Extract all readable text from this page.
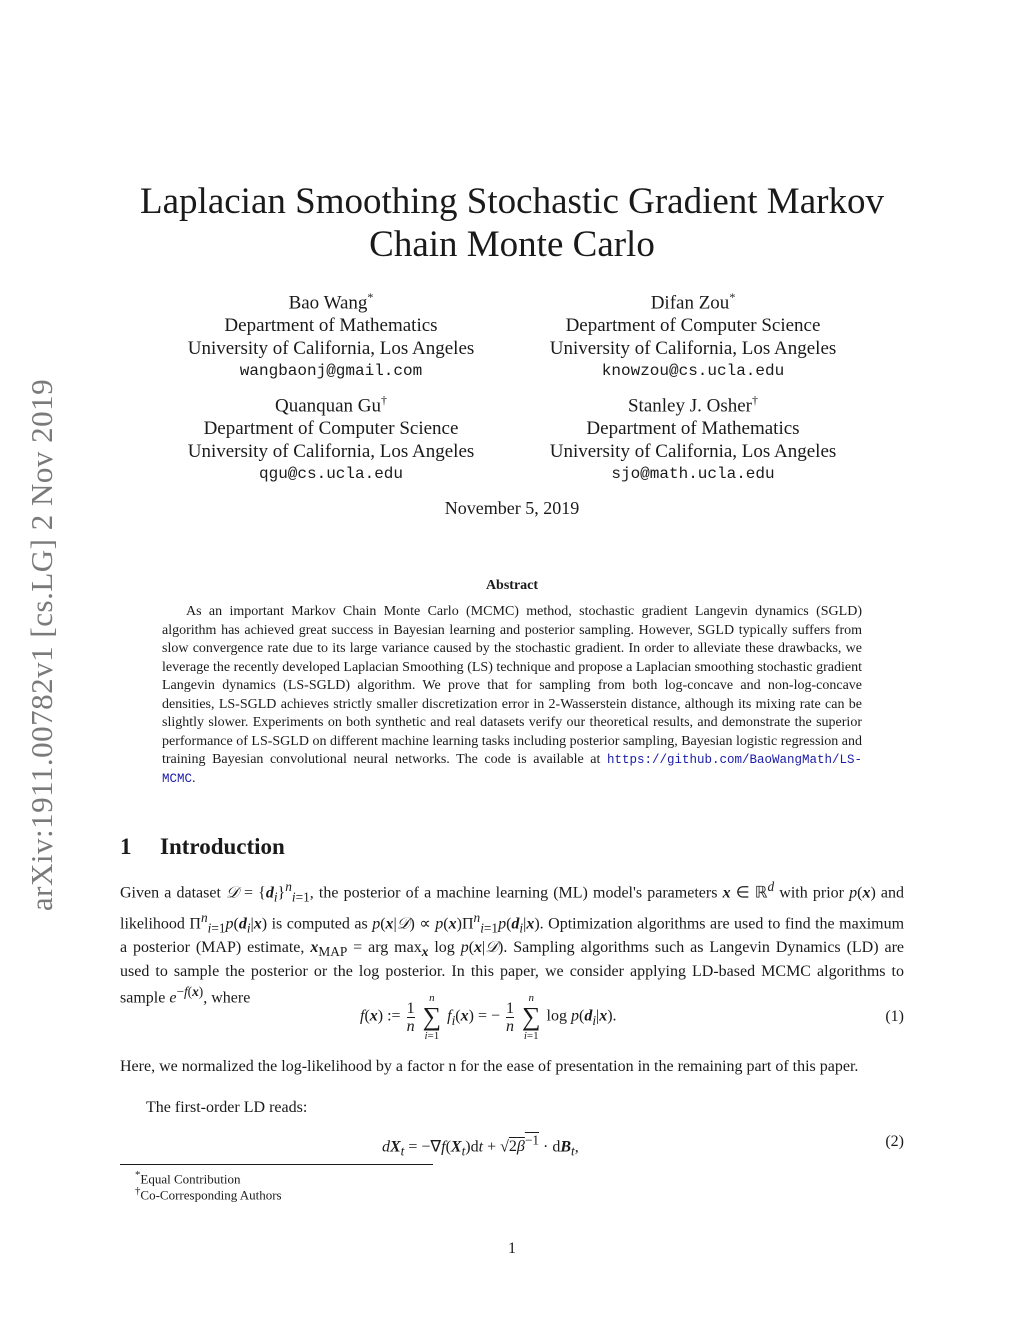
arXiv:1911.00782v1 [cs.LG] 2 Nov 2019
Laplacian Smoothing Stochastic Gradient Markov
Chain Monte Carlo
Bao Wang*
Department of Mathematics
University of California, Los Angeles
wangbaonj@gmail.com
Difan Zou*
Department of Computer Science
University of California, Los Angeles
knowzou@cs.ucla.edu
Quanquan Gu†
Department of Computer Science
University of California, Los Angeles
qgu@cs.ucla.edu
Stanley J. Osher†
Department of Mathematics
University of California, Los Angeles
sjo@math.ucla.edu
November 5, 2019
Abstract
As an important Markov Chain Monte Carlo (MCMC) method, stochastic gradient Langevin dynamics (SGLD) algorithm has achieved great success in Bayesian learning and posterior sampling. However, SGLD typically suffers from slow convergence rate due to its large variance caused by the stochastic gradient. In order to alleviate these drawbacks, we leverage the recently developed Laplacian Smoothing (LS) technique and propose a Laplacian smoothing stochastic gradient Langevin dynamics (LS-SGLD) algorithm. We prove that for sampling from both log-concave and non-log-concave densities, LS-SGLD achieves strictly smaller discretization error in 2-Wasserstein distance, although its mixing rate can be slightly slower. Experiments on both synthetic and real datasets verify our theoretical results, and demonstrate the superior performance of LS-SGLD on different machine learning tasks including posterior sampling, Bayesian logistic regression and training Bayesian convolutional neural networks. The code is available at https://github.com/BaoWangMath/LS-MCMC.
1 Introduction
Given a dataset 𝒟 = $\{d_i\}^n_{i=1}$, the posterior of a machine learning (ML) model's parameters x ∈ ℝ$^d$ with prior p(x) and likelihood $\Pi^n_{i=1}p(d_i|x)$ is computed as p(x|𝒟) ∝ $p(x)\Pi^n_{i=1}p(d_i|x)$. Optimization algorithms are used to find the maximum a posterior (MAP) estimate, $x_{MAP}$ = arg $\max_x \log$ p(x|𝒟). Sampling algorithms such as Langevin Dynamics (LD) are used to sample the posterior or the log posterior. In this paper, we consider applying LD-based MCMC algorithms to sample $e^{-f(x)}$, where
f(x) := $\frac{1}{n}$

n
∑
i=1
$f_i(x)$ = − $\frac{1}{n}$

n
∑
i=1
$\log p(d_i|x)$.	(1)
Here, we normalized the log-likelihood by a factor n for the ease of presentation in the remaining part of this paper.
The first-order LD reads:
$dX_t = -\nabla f(X_t)dt + √2\beta^{-1} \cdot dB_t$,	(2)
*Equal Contribution
†Co-Corresponding Authors
1
